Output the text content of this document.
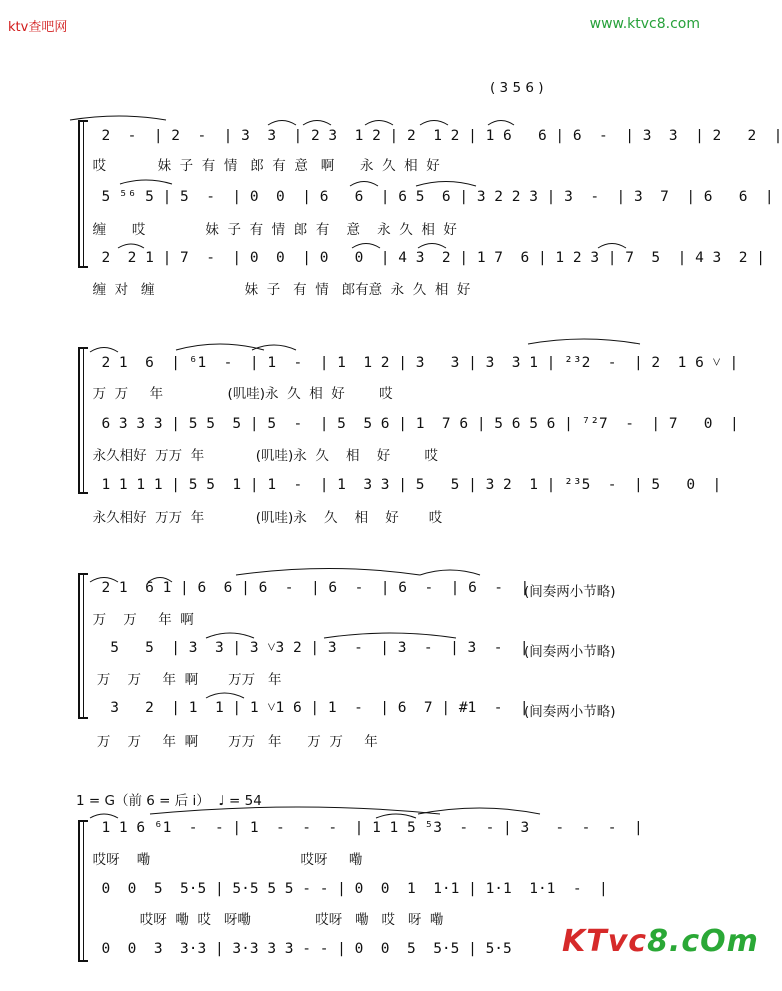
ktv查吧网	www.ktvc8.com
( 3 5 6 )
2  -  | 2  -  | 3  3  | 2 3  1 2 | 2  1 2 | 1 6   6 | 6  -  | 3  3  | 2   2  |
哎            妹  子  有  情   郎  有  意   啊      永  久  相  好
5 ⁵⁶ 5 | 5  -  | 0  0  | 6   6  | 6 5  6 | 3 2 2 3 | 3  -  | 3  7  | 6   6  |
缠      哎              妹  子  有  情  郎  有    意    永  久  相  好
2  2 1 | 7  -  | 0  0  | 0   0  | 4 3  2 | 1 7  6 | 1 2 3 | 7  5  | 4 3  2 |
缠  对   缠                     妹  子   有  情   郎有意  永  久  相  好
2 1  6  | ⁶1  -  | 1  -  | 1  1 2 | 3   3 | 3  3 1 | ²³2  -  | 2  1 6 ˅ |
万  万     年               (叽哇)永  久  相  好        哎
6 3 3 3 | 5 5  5 | 5  -  | 5  5 6 | 1  7 6 | 5 6 5 6 | ⁷²7  -  | 7   0  |
永久相好  万万  年            (叽哇)永  久    相    好        哎
1 1 1 1 | 5 5  1 | 1  -  | 1  3 3 | 5   5 | 3 2  1 | ²³5  -  | 5   0  |
永久相好  万万  年            (叽哇)永    久    相    好       哎
2 1  6 1 | 6  6 | 6  -  | 6  -  | 6  -  | 6  -  |
(间奏两小节略)
万    万     年  啊
5   5  | 3  3 | 3 ˅3 2 | 3  -  | 3  -  | 3  -  |
(间奏两小节略)
万    万     年  啊       万万   年
3   2  | 1  1 | 1 ˅1 6 | 1  -  | 6  7 | #1  -  |
(间奏两小节略)
万    万     年  啊       万万   年      万  万     年
1 = G（前 6 = 后 i）  ♩ = 54
1 1 6 ⁶1  -  - | 1  -  -  -  | 1 1 5 ⁵3  -  - | 3   -  -  -  |
哎呀    嘞                                   哎呀     嘞
0  0  5  5·5 | 5·5 5 5 - - | 0  0  1  1·1 | 1·1  1·1  -  |
哎呀  嘞  哎   呀嘞               哎呀   嘞   哎   呀  嘞
0  0  3  3·3 | 3·3 3 3 - - | 0  0  5  5·5 | 5·5 KTvc8.cOm
